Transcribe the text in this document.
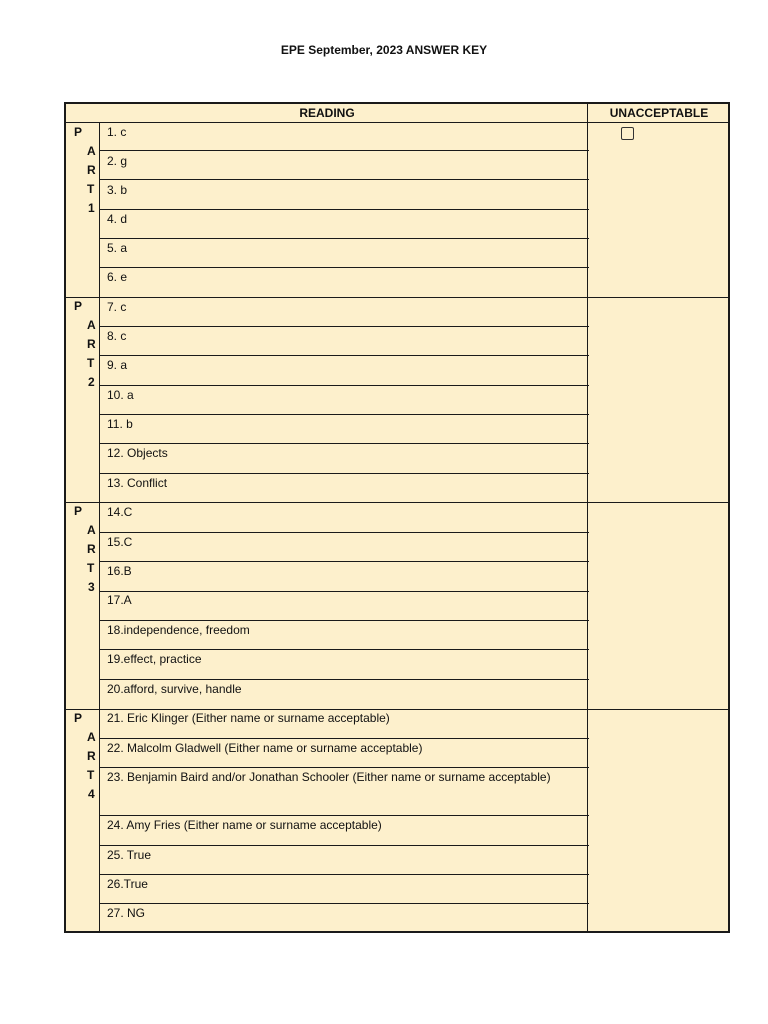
EPE September, 2023 ANSWER KEY
READING	UNACCEPTABLE
P
A
R
T
1
P
A
R
T
2
P
A
R
T
3
P
A
R
T
4
1. c
2. g
3. b
4. d
5. a
6. e
7. c
8. c
9. a
10. a
11. b
12. Objects
13. Conflict
14.C
15.C
16.B
17.A
18.independence, freedom
19.effect, practice
20.afford, survive, handle
21. Eric Klinger (Either name or surname acceptable)
22. Malcolm Gladwell (Either name or surname acceptable)
23. Benjamin Baird and/or Jonathan Schooler (Either name or surname acceptable)
24. Amy Fries (Either name or surname acceptable)
25. True
26.True
27. NG
